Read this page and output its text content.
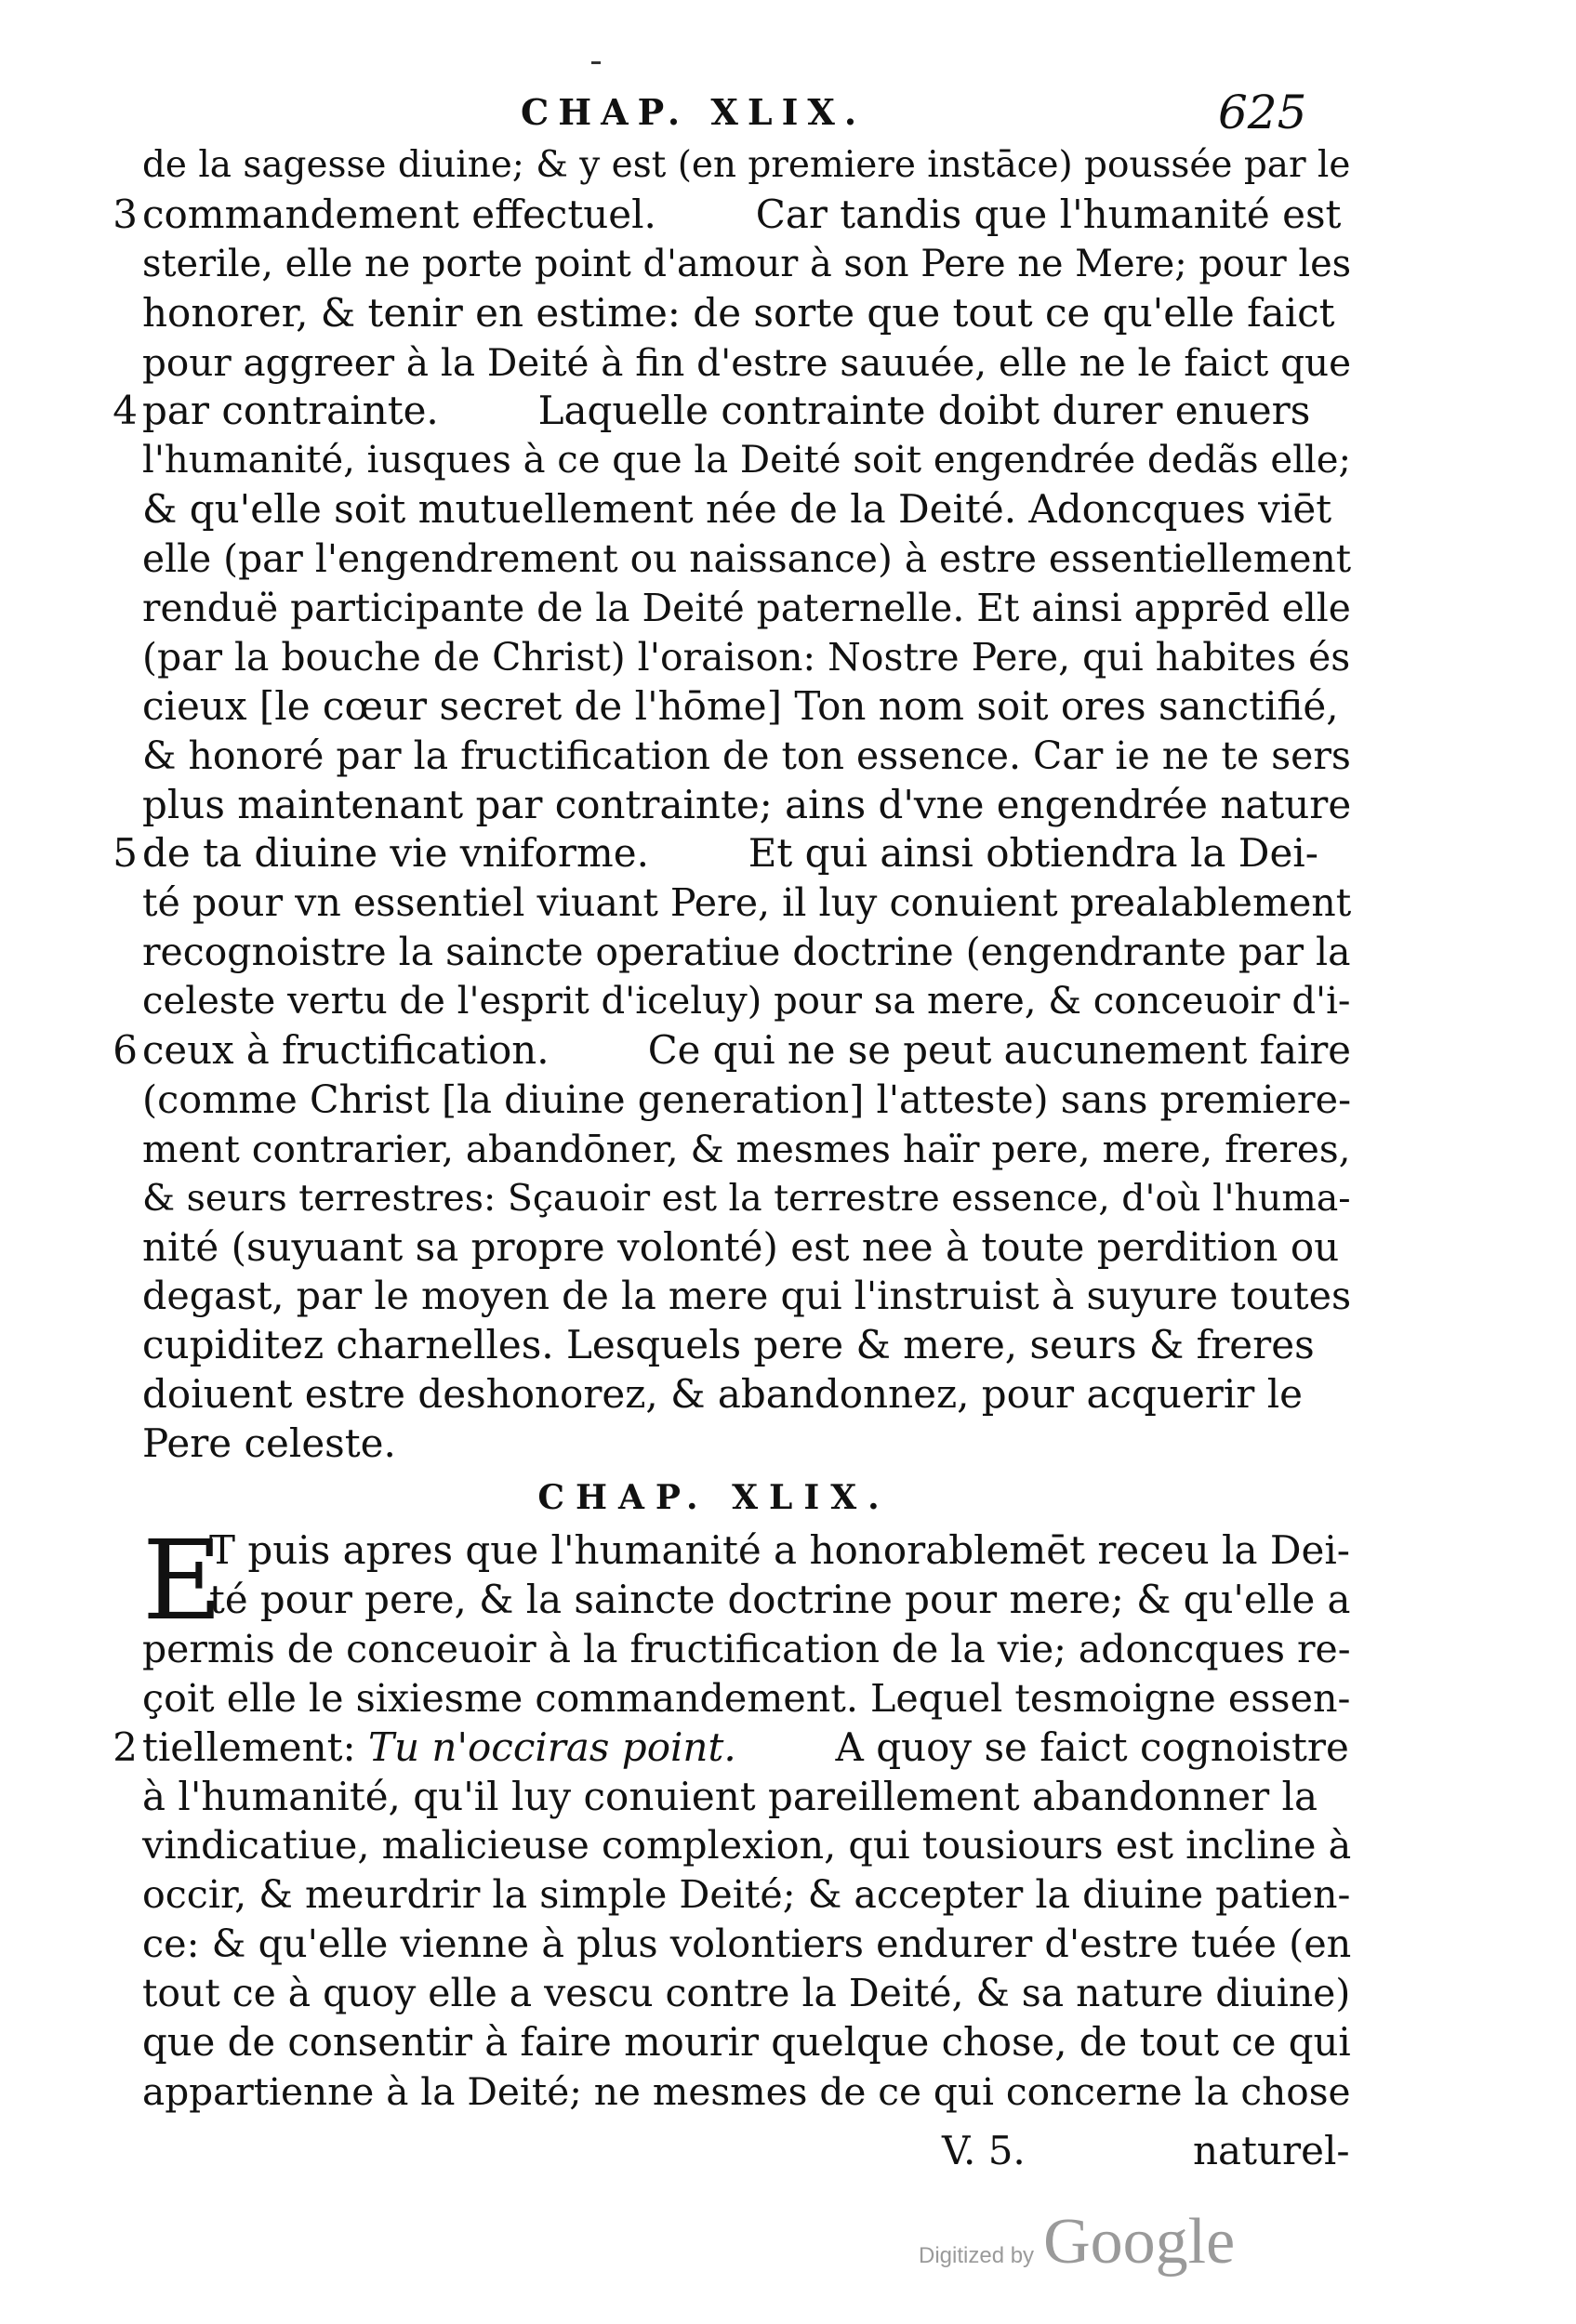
CHAP. XLIX.	625
de la sagesse diuine; & y est (en premiere instāce) poussée par le
3 commandement effectuel.        Car tandis que l'humanité est
sterile, elle ne porte point d'amour à son Pere ne Mere; pour les
honorer, & tenir en estime: de sorte que tout ce qu'elle faict
pour aggreer à la Deité à fin d'estre sauuée, elle ne le faict que
4 par contrainte.        Laquelle contrainte doibt durer enuers
l'humanité, iusques à ce que la Deité soit engendrée dedãs elle;
& qu'elle soit mutuellement née de la Deité. Adoncques viēt
elle (par l'engendrement ou naissance) à estre essentiellement
renduë participante de la Deité paternelle. Et ainsi apprēd elle
(par la bouche de Christ) l'oraison: Nostre Pere, qui habites és
cieux [le cœur secret de l'hōme] Ton nom soit ores sanctifié,
& honoré par la fructification de ton essence. Car ie ne te sers
plus maintenant par contrainte; ains d'vne engendrée nature
5 de ta diuine vie vniforme.        Et qui ainsi obtiendra la Dei-
té pour vn essentiel viuant Pere, il luy conuient prealablement
recognoistre la saincte operatiue doctrine (engendrante par la
celeste vertu de l'esprit d'iceluy) pour sa mere, & conceuoir d'i-
6 ceux à fructification.        Ce qui ne se peut aucunement faire
(comme Christ [la diuine generation] l'atteste) sans premiere-
ment contrarier, abandōner, & mesmes haïr pere, mere, freres,
& seurs terrestres: Sçauoir est la terrestre essence, d'où l'huma-
nité (suyuant sa propre volonté) est nee à toute perdition ou
degast, par le moyen de la mere qui l'instruist à suyure toutes
cupiditez charnelles. Lesquels pere & mere, seurs & freres
doiuent estre deshonorez, & abandonnez, pour acquerir le
Pere celeste.
CHAP. XLIX.
E
T puis apres que l'humanité a honorablemēt receu la Dei-
té pour pere, & la saincte doctrine pour mere; & qu'elle a
permis de conceuoir à la fructification de la vie; adoncques re-
çoit elle le sixiesme commandement. Lequel tesmoigne essen-
2 tiellement: Tu n'occiras point.        A quoy se faict cognoistre
à l'humanité, qu'il luy conuient pareillement abandonner la
vindicatiue, malicieuse complexion, qui tousiours est incline à
occir, & meurdrir la simple Deité; & accepter la diuine patien-
ce: & qu'elle vienne à plus volontiers endurer d'estre tuée (en
tout ce à quoy elle a vescu contre la Deité, & sa nature diuine)
que de consentir à faire mourir quelque chose, de tout ce qui
appartienne à la Deité; ne mesmes de ce qui concerne la chose
V. 5.	naturel-
Digitized by Google
